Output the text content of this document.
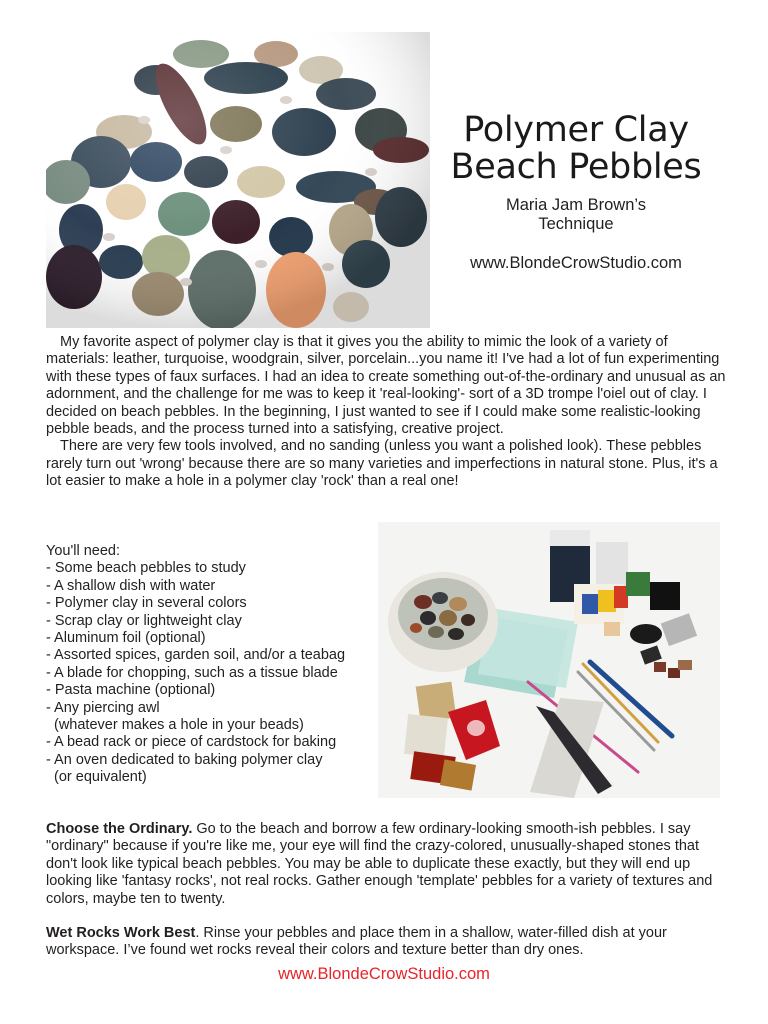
Polymer Clay
Beach Pebbles
Maria Jam Brown’s
Technique
www.BlondeCrowStudio.com

My favorite aspect of polymer clay is that it gives you the ability to mimic the look of a variety of materials: leather, turquoise, woodgrain, silver, porcelain...you name it! I've had a lot of fun experimenting with these types of faux surfaces. I had an idea to create something out-of-the-ordinary and unusual as an adornment, and the challenge for me was to keep it 'real-looking'- sort of a 3D trompe l'oiel out of clay. I decided on beach pebbles. In the beginning, I just wanted to see if I could make some realistic-looking pebble beads, and the process turned into a satisfying, creative project.

There are very few tools involved, and no sanding (unless you want a polished look). These pebbles rarely turn out 'wrong' because there are so many varieties and imperfections in natural stone. Plus, it's a lot easier to make a hole in a polymer clay 'rock' than a real one!

You'll need:
- Some beach pebbles to study
- A shallow dish with water
- Polymer clay in several colors
- Scrap clay or lightweight clay
- Aluminum foil (optional)
- Assorted spices, garden soil, and/or a teabag
- A blade for chopping, such as a tissue blade
- Pasta machine (optional)
- Any piercing awl
(whatever makes a hole in your beads)
- A bead rack or piece of cardstock for baking
- An oven dedicated to baking polymer clay
(or equivalent)

Choose the Ordinary. Go to the beach and borrow a few ordinary-looking smooth-ish pebbles. I say "ordinary" because if you're like me, your eye will find the crazy-colored, unusually-shaped stones that don't look like typical beach pebbles. You may be able to duplicate these exactly, but they will end up looking like 'fantasy rocks', not real rocks. Gather enough 'template' pebbles for a variety of textures and colors, maybe ten to twenty.

Wet Rocks Work Best. Rinse your pebbles and place them in a shallow, water-filled dish at your workspace. I’ve found wet rocks reveal their colors and texture better than dry ones.

www.BlondeCrowStudio.com
